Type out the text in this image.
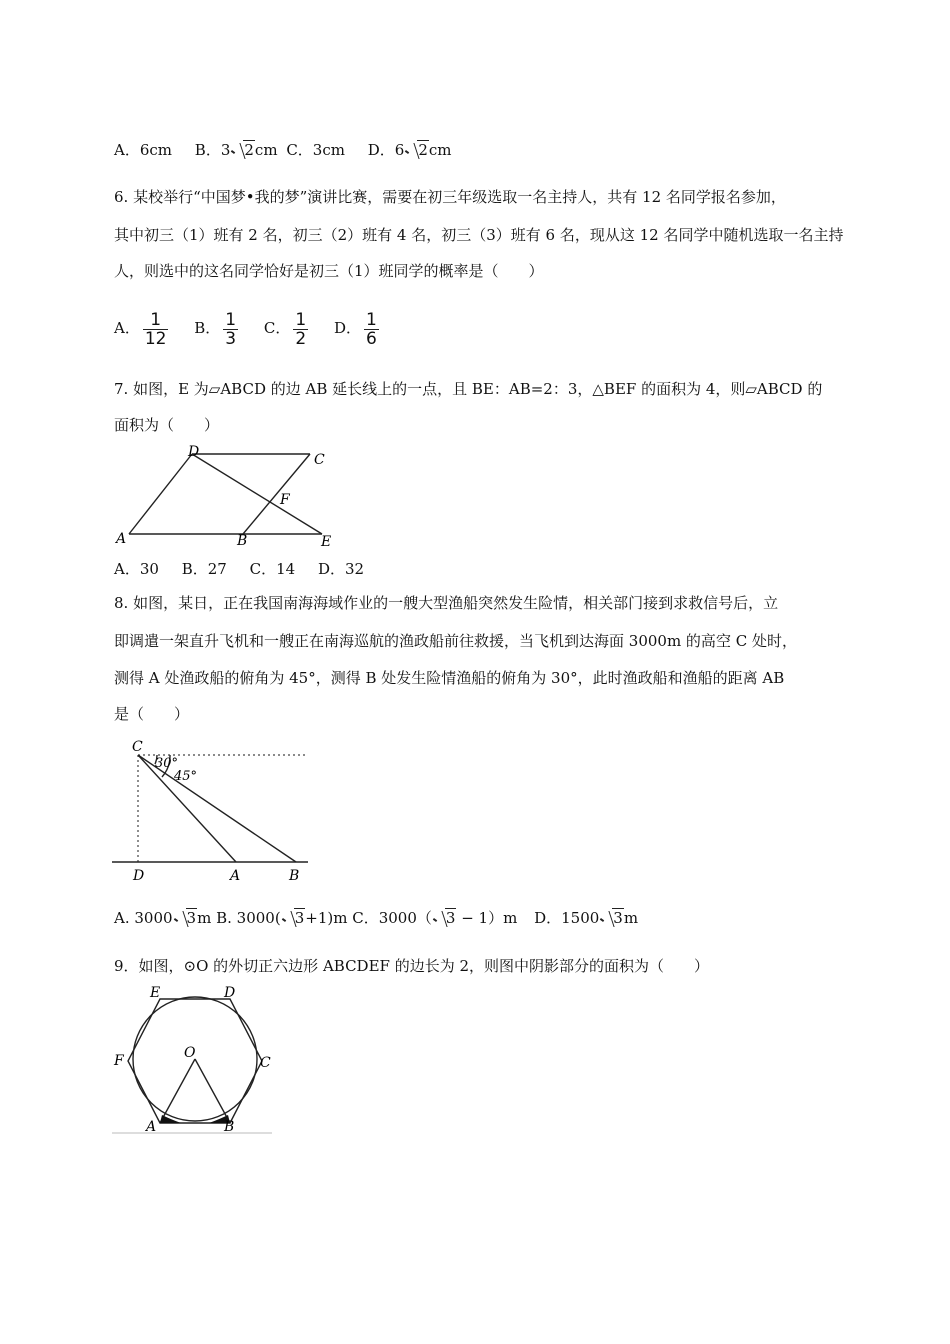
A．6cm B．3 2cm C．3cm D．6 2cm
6. 某校举行“中国梦•我的梦”演讲比赛，需要在初三年级选取一名主持人，共有 12 名同学报名参加，
其中初三（1）班有 2 名，初三（2）班有 4 名，初三（3）班有 6 名，现从这 12 名同学中随机选取一名主持
人，则选中的这名同学恰好是初三（1）班同学的概率是（　　）
A． $\frac{1}{12}$ B． $\frac{1}{3}$ C． $\frac{1}{2}$ D． $\frac{1}{6}$
7. 如图，E 为▱ABCD 的边 AB 延长线上的一点，且 BE：AB=2：3，△BEF 的面积为 4，则▱ABCD 的
面积为（　　）
A	B
C
D
E
F
A．30 B．27 C．14 D．32
8. 如图，某日，正在我国南海海域作业的一艘大型渔船突然发生险情，相关部门接到求救信号后，立
即调遣一架直升飞机和一艘正在南海巡航的渔政船前往救援，当飞机到达海面 3000m 的高空 C 处时，
测得 A 处渔政船的俯角为 45°，测得 B 处发生险情渔船的俯角为 30°，此时渔政船和渔船的距离 AB
是（　　）
C
30°
45°
D	A	B
A. 3000 3m B. 3000( 3+1)m C．3000（ 3 − 1）m D．1500 3m
9．如图，⊙O 的外切正六边形 ABCDEF 的边长为 2，则图中阴影部分的面积为（　　）
E	D
F	C
O
A	B
